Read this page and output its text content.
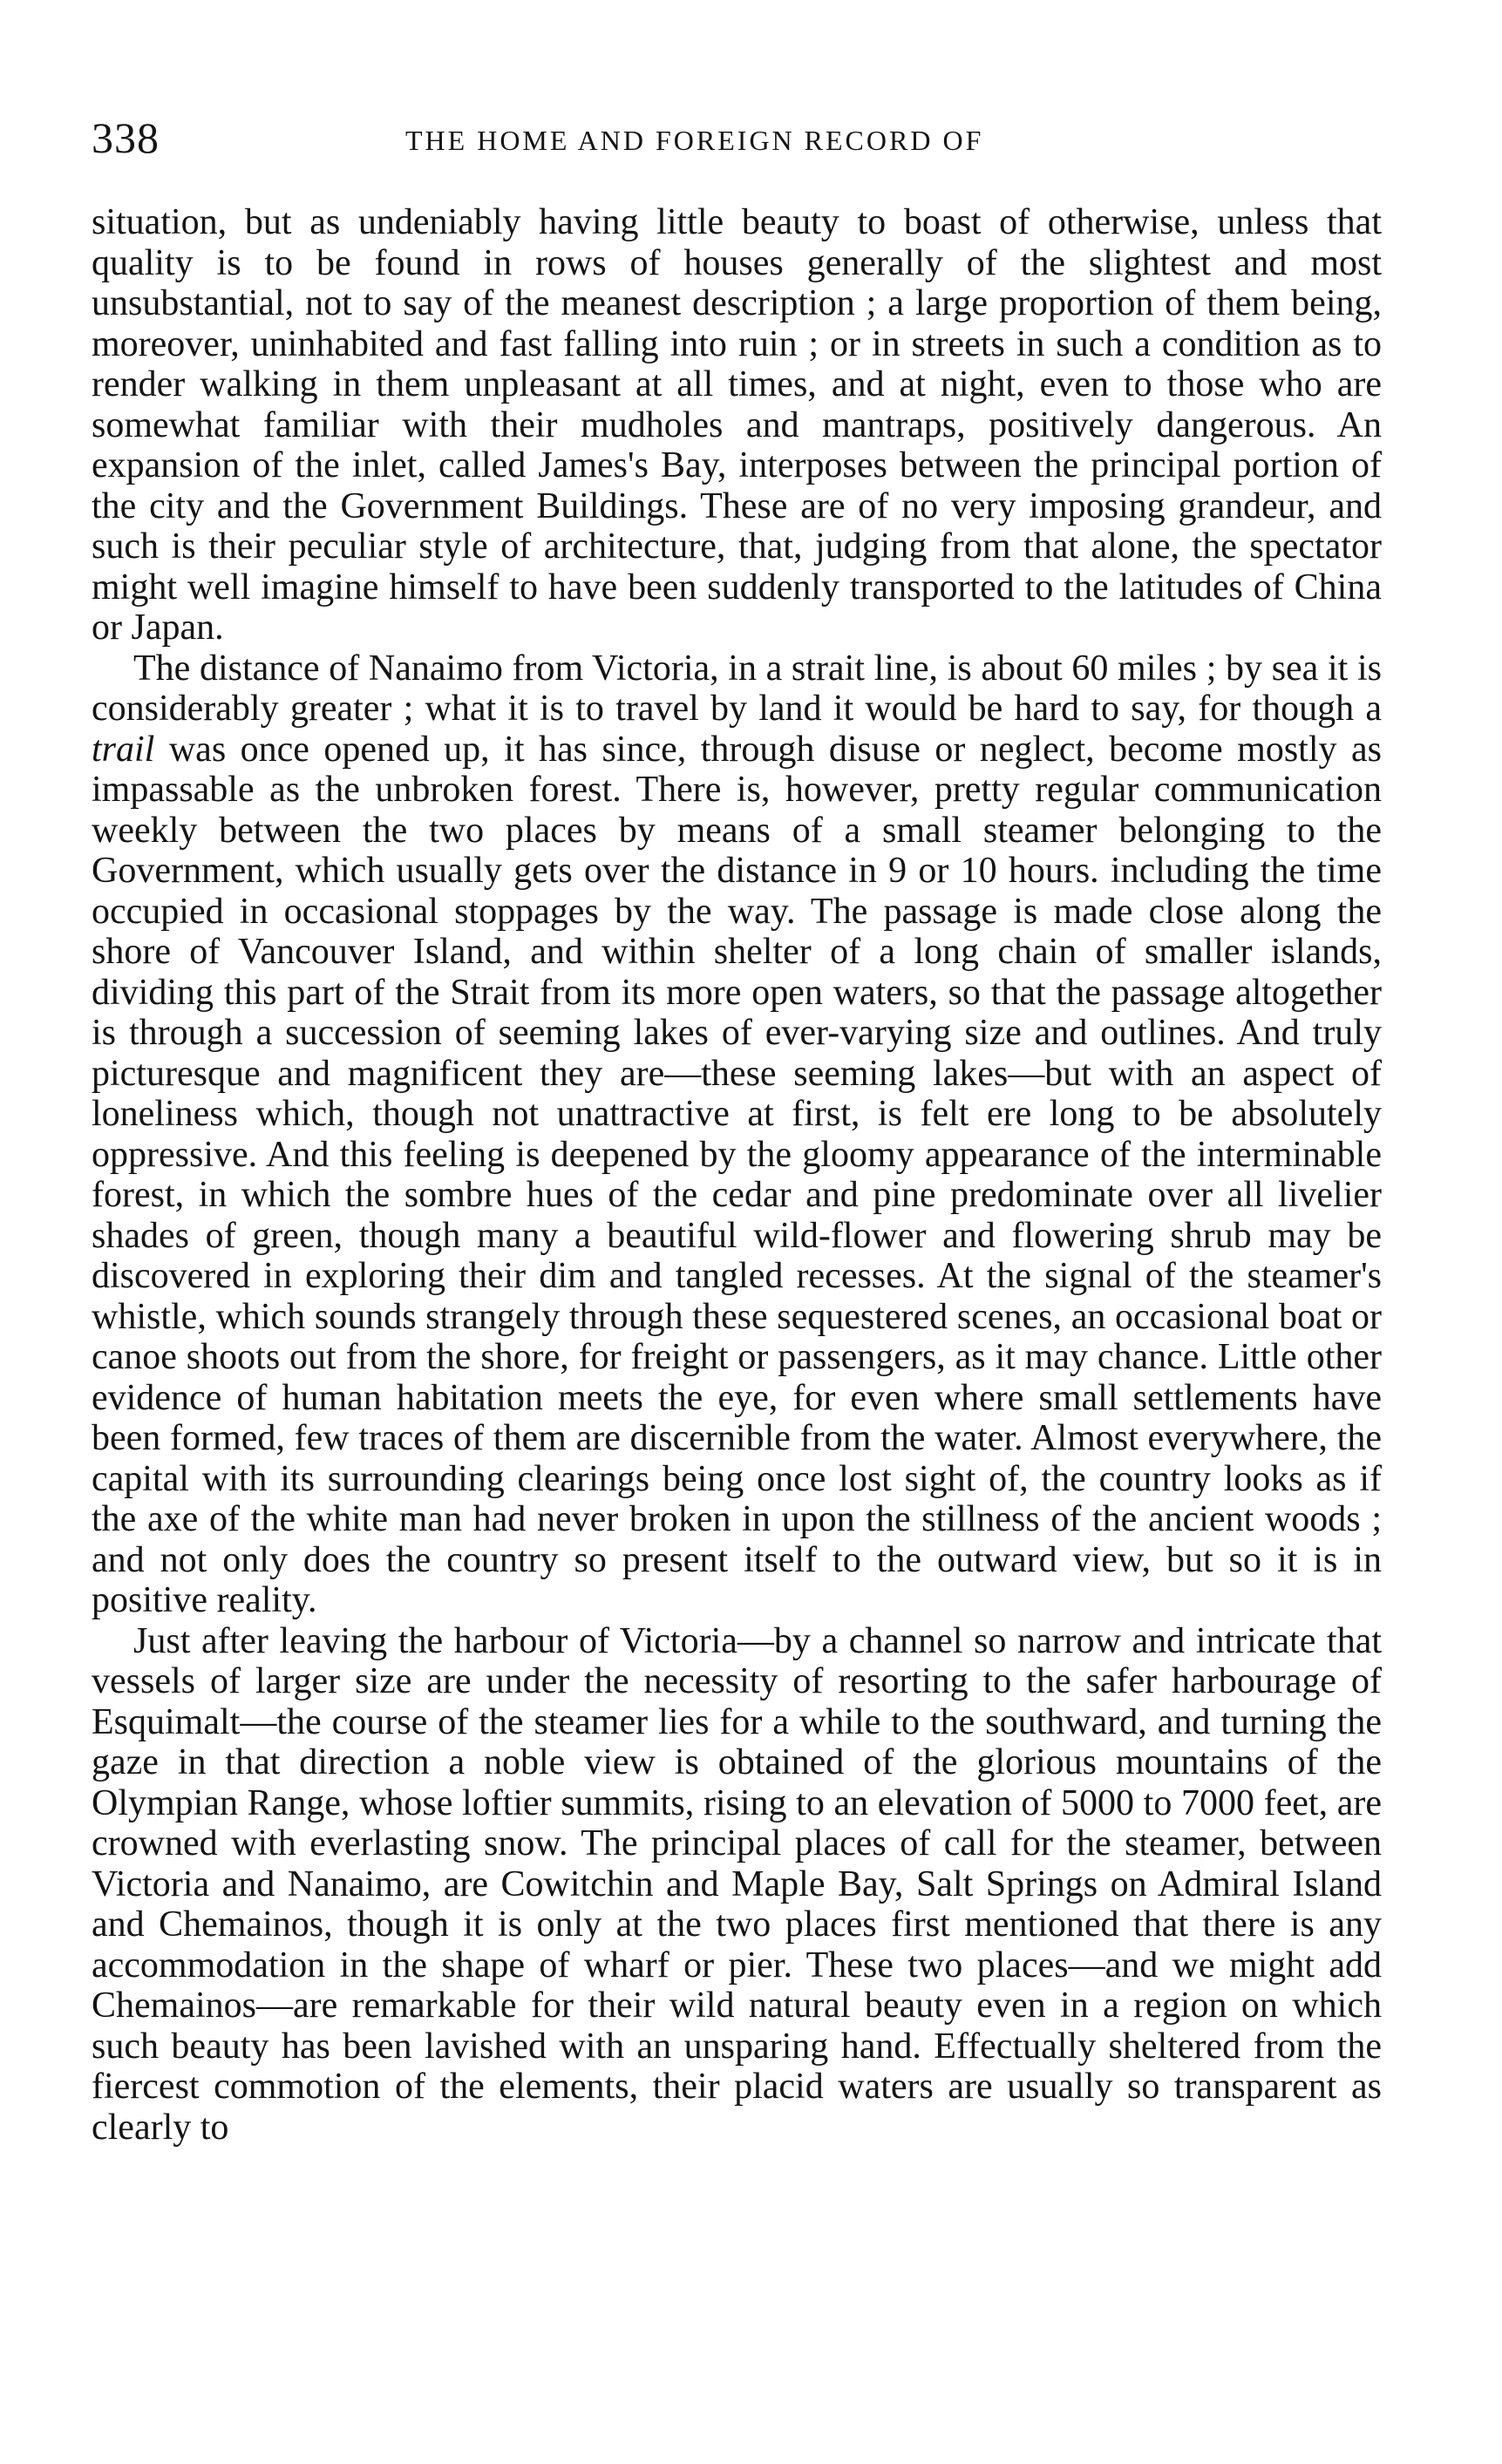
338	THE HOME AND FOREIGN RECORD OF

situation, but as undeniably having little beauty to boast of otherwise, unless that quality is to be found in rows of houses generally of the slightest and most unsubstantial, not to say of the meanest description ; a large proportion of them being, moreover, uninhabited and fast falling into ruin ; or in streets in such a condition as to render walking in them unpleasant at all times, and at night, even to those who are somewhat familiar with their mudholes and mantraps, positively dangerous. An expansion of the inlet, called James's Bay, interposes between the principal portion of the city and the Government Buildings. These are of no very imposing grandeur, and such is their peculiar style of architecture, that, judging from that alone, the spectator might well imagine himself to have been suddenly transported to the latitudes of China or Japan.

The distance of Nanaimo from Victoria, in a strait line, is about 60 miles ; by sea it is considerably greater ; what it is to travel by land it would be hard to say, for though a trail was once opened up, it has since, through disuse or neglect, become mostly as impassable as the unbroken forest. There is, however, pretty regular communication weekly between the two places by means of a small steamer belonging to the Government, which usually gets over the distance in 9 or 10 hours. including the time occupied in occasional stoppages by the way. The passage is made close along the shore of Vancouver Island, and within shelter of a long chain of smaller islands, dividing this part of the Strait from its more open waters, so that the passage altogether is through a succession of seeming lakes of ever-varying size and outlines. And truly picturesque and magnificent they are—these seeming lakes—but with an aspect of loneliness which, though not unattractive at first, is felt ere long to be absolutely oppressive. And this feeling is deepened by the gloomy appearance of the interminable forest, in which the sombre hues of the cedar and pine predominate over all livelier shades of green, though many a beautiful wild-flower and flowering shrub may be discovered in exploring their dim and tangled recesses. At the signal of the steamer's whistle, which sounds strangely through these sequestered scenes, an occasional boat or canoe shoots out from the shore, for freight or passengers, as it may chance. Little other evidence of human habitation meets the eye, for even where small settlements have been formed, few traces of them are discernible from the water. Almost everywhere, the capital with its surrounding clearings being once lost sight of, the country looks as if the axe of the white man had never broken in upon the stillness of the ancient woods ; and not only does the country so present itself to the outward view, but so it is in positive reality.

Just after leaving the harbour of Victoria—by a channel so narrow and intricate that vessels of larger size are under the necessity of resorting to the safer harbourage of Esquimalt—the course of the steamer lies for a while to the southward, and turning the gaze in that direction a noble view is obtained of the glorious mountains of the Olympian Range, whose loftier summits, rising to an elevation of 5000 to 7000 feet, are crowned with everlasting snow. The principal places of call for the steamer, between Victoria and Nanaimo, are Cowitchin and Maple Bay, Salt Springs on Admiral Island and Chemainos, though it is only at the two places first mentioned that there is any accommodation in the shape of wharf or pier. These two places—and we might add Chemainos—are remarkable for their wild natural beauty even in a region on which such beauty has been lavished with an unsparing hand. Effectually sheltered from the fiercest commotion of the elements, their placid waters are usually so transparent as clearly to
